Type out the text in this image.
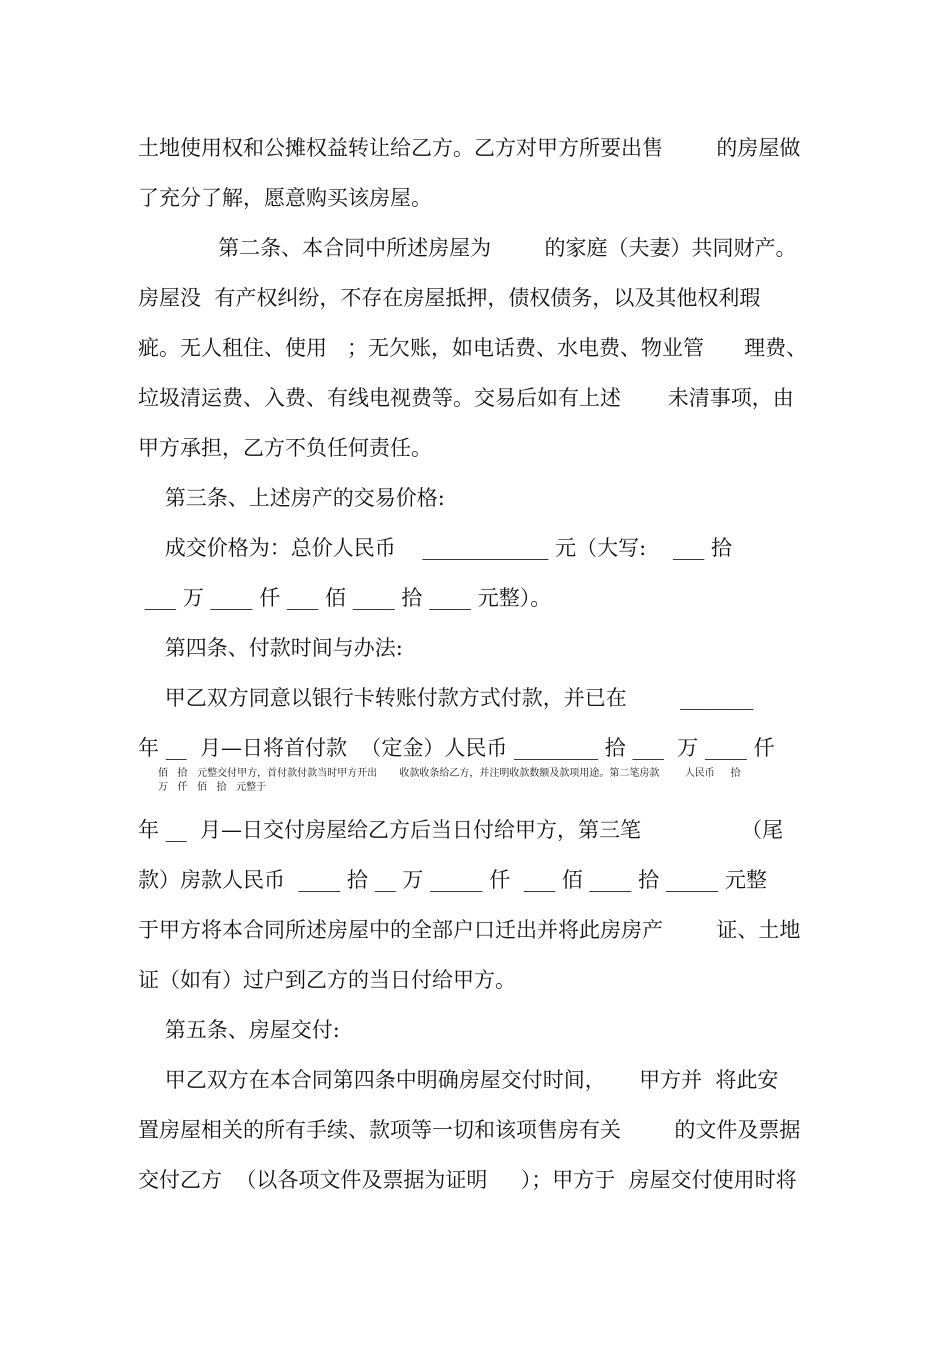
土地使用权和公摊权益转让给乙方。乙方对甲方所要出售        的房屋做
了充分了解，愿意购买该房屋。
第二条、本合同中所述房屋为        的家庭（夫妻）共同财产。
房屋没  有产权纠纷，不存在房屋抵押，债权债务，以及其他权利瑕
疵。无人租住、使用   ；无欠账，如电话费、水电费、物业管      理费、
垃圾清运费、入费、有线电视费等。交易后如有上述       未清事项，由
甲方承担，乙方不负任何责任。
第三条、上述房产的交易价格:
成交价格为：总价人民币    ____________ 元（大写:    ___ 拾
___ 万 ____ 仟 ___ 佰 ____ 拾 ____ 元整）。
第四条、付款时间与办法:
甲乙双方同意以银行卡转账付款方式付款，并已在        _______
年 __  月—日将首付款  （定金）人民币 ________ 拾 ___  万 ____ 仟
佰   拾   元整交付甲方，首付款付款当时甲方开出       收款收条给乙方，并注明收款数额及款项用途。第二笔房款        人民币     拾
万   仟   佰   拾   元整于
年 __  月—日交付房屋给乙方后当日付给甲方，第三笔               （尾
款）房款人民币  ____ 拾 __ 万 _____ 仟  ___ 佰 ____ 拾 _____ 元整
于甲方将本合同所述房屋中的全部户口迁出并将此房房产        证、土地
证（如有）过户到乙方的当日付给甲方。
第五条、房屋交付:
甲乙双方在本合同第四条中明确房屋交付时间，     甲方并  将此安
置房屋相关的所有手续、款项等一切和该项售房有关        的文件及票据
交付乙方  （以各项文件及票据为证明     ）；甲方于  房屋交付使用时将
